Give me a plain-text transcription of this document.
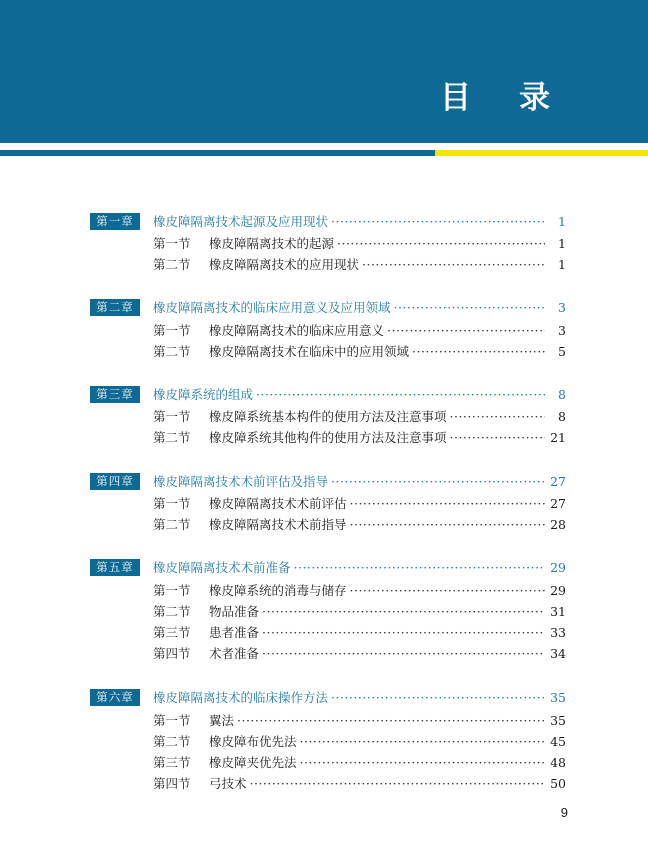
目录
第一章	橡皮障隔离技术起源及应用现状 ·····	1
第一节	橡皮障隔离技术的起源 ·····	1
第二节	橡皮障隔离技术的应用现状 ·····	1
第二章	橡皮障隔离技术的临床应用意义及应用领域 ·····	3
第一节	橡皮障隔离技术的临床应用意义 ·····	3
第二节	橡皮障隔离技术在临床中的应用领域 ·····	5
第三章	橡皮障系统的组成 ·····	8
第一节	橡皮障系统基本构件的使用方法及注意事项 ·····	8
第二节	橡皮障系统其他构件的使用方法及注意事项 ·····	21
第四章	橡皮障隔离技术术前评估及指导 ·····	27
第一节	橡皮障隔离技术术前评估 ·····	27
第二节	橡皮障隔离技术术前指导 ·····	28
第五章	橡皮障隔离技术术前准备 ·····	29
第一节	橡皮障系统的消毒与储存 ·····	29
第二节	物品准备 ·····	31
第三节	患者准备 ·····	33
第四节	术者准备 ·····	34
第六章	橡皮障隔离技术的临床操作方法 ·····	35
第一节	翼法 ·····	35
第二节	橡皮障布优先法 ·····	45
第三节	橡皮障夹优先法 ·····	48
第四节	弓技术 ·····	50
9
